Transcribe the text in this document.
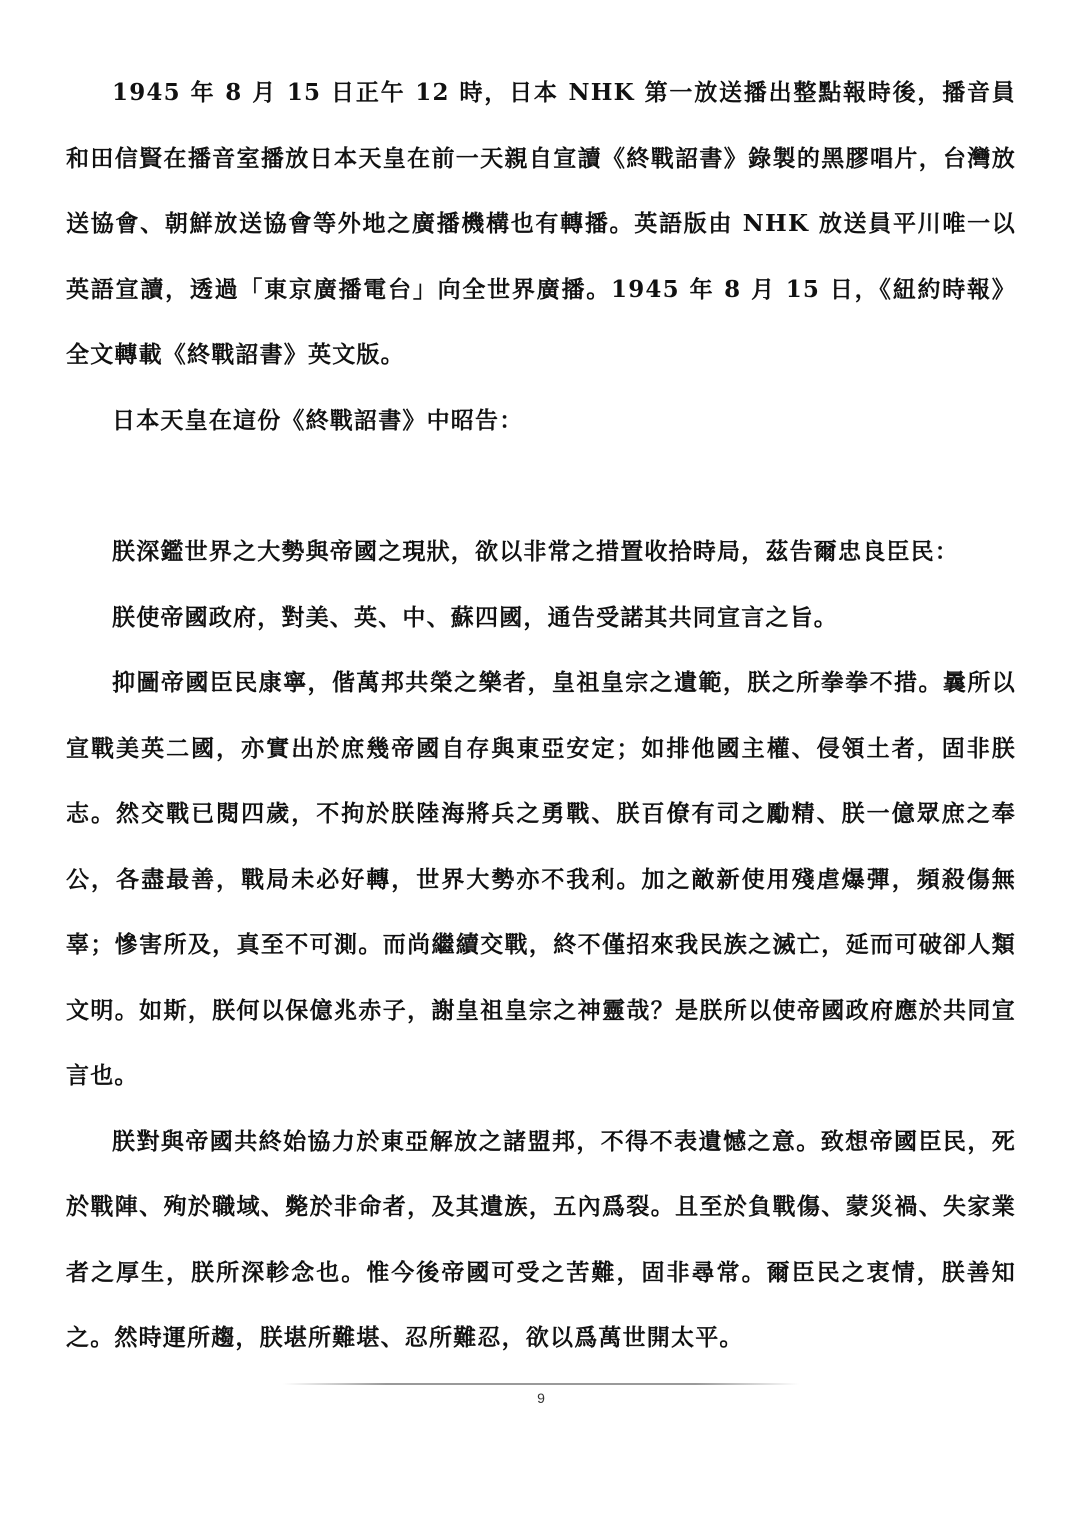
1945 年 8 月 15 日正午 12 時，日本 NHK 第一放送播出整點報時後，播音員和田信賢在播音室播放日本天皇在前一天親自宣讀《終戰詔書》錄製的黑膠唱片，台灣放送協會、朝鮮放送協會等外地之廣播機構也有轉播。英語版由 NHK 放送員平川唯一以英語宣讀，透過「東京廣播電台」向全世界廣播。1945 年 8 月 15 日，《紐約時報》全文轉載《終戰詔書》英文版。

日本天皇在這份《終戰詔書》中昭告：

朕深鑑世界之大勢與帝國之現狀，欲以非常之措置收拾時局，茲告爾忠良臣民：

朕使帝國政府，對美、英、中、蘇四國，通告受諾其共同宣言之旨。

抑圖帝國臣民康寧，偕萬邦共榮之樂者，皇祖皇宗之遺範，朕之所拳拳不措。曩所以宣戰美英二國，亦實出於庶幾帝國自存與東亞安定；如排他國主權、侵領土者，固非朕志。然交戰已閱四歲，不拘於朕陸海將兵之勇戰、朕百僚有司之勵精、朕一億眾庶之奉公，各盡最善，戰局未必好轉，世界大勢亦不我利。加之敵新使用殘虐爆彈，頻殺傷無辜；慘害所及，真至不可測。而尚繼續交戰，終不僅招來我民族之滅亡，延而可破卻人類文明。如斯，朕何以保億兆赤子，謝皇祖皇宗之神靈哉？是朕所以使帝國政府應於共同宣言也。

朕對與帝國共終始協力於東亞解放之諸盟邦，不得不表遺憾之意。致想帝國臣民，死於戰陣、殉於職域、斃於非命者，及其遺族，五內爲裂。且至於負戰傷、蒙災禍、失家業者之厚生，朕所深軫念也。惟今後帝國可受之苦難，固非尋常。爾臣民之衷情，朕善知之。然時運所趨，朕堪所難堪、忍所難忍，欲以爲萬世開太平。

9
